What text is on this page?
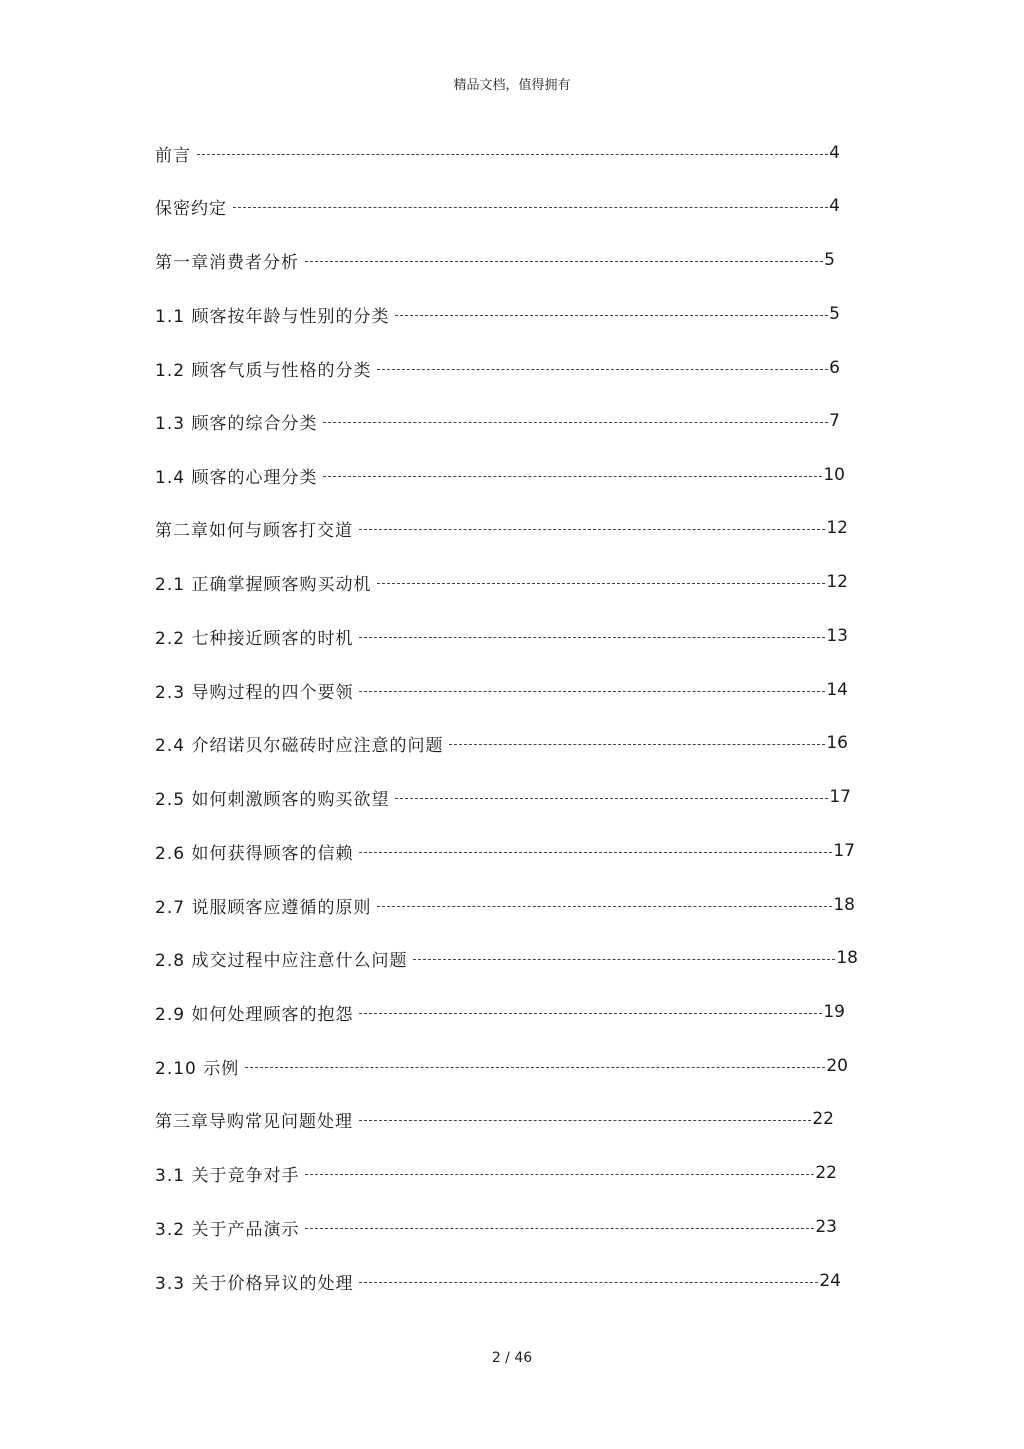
精品文档，值得拥有
前言	4
保密约定	4
第一章消费者分析	5
1.1 顾客按年龄与性别的分类	5
1.2 顾客气质与性格的分类	6
1.3 顾客的综合分类	7
1.4 顾客的心理分类	10
第二章如何与顾客打交道	12
2.1 正确掌握顾客购买动机	12
2.2 七种接近顾客的时机	13
2.3 导购过程的四个要领	14
2.4 介绍诺贝尔磁砖时应注意的问题	16
2.5 如何刺激顾客的购买欲望	17
2.6 如何获得顾客的信赖	17
2.7 说服顾客应遵循的原则	18
2.8 成交过程中应注意什么问题	18
2.9 如何处理顾客的抱怨	19
2.10 示例	20
第三章导购常见问题处理	22
3.1 关于竞争对手	22
3.2 关于产品演示	23
3.3 关于价格异议的处理	24
2 / 46
